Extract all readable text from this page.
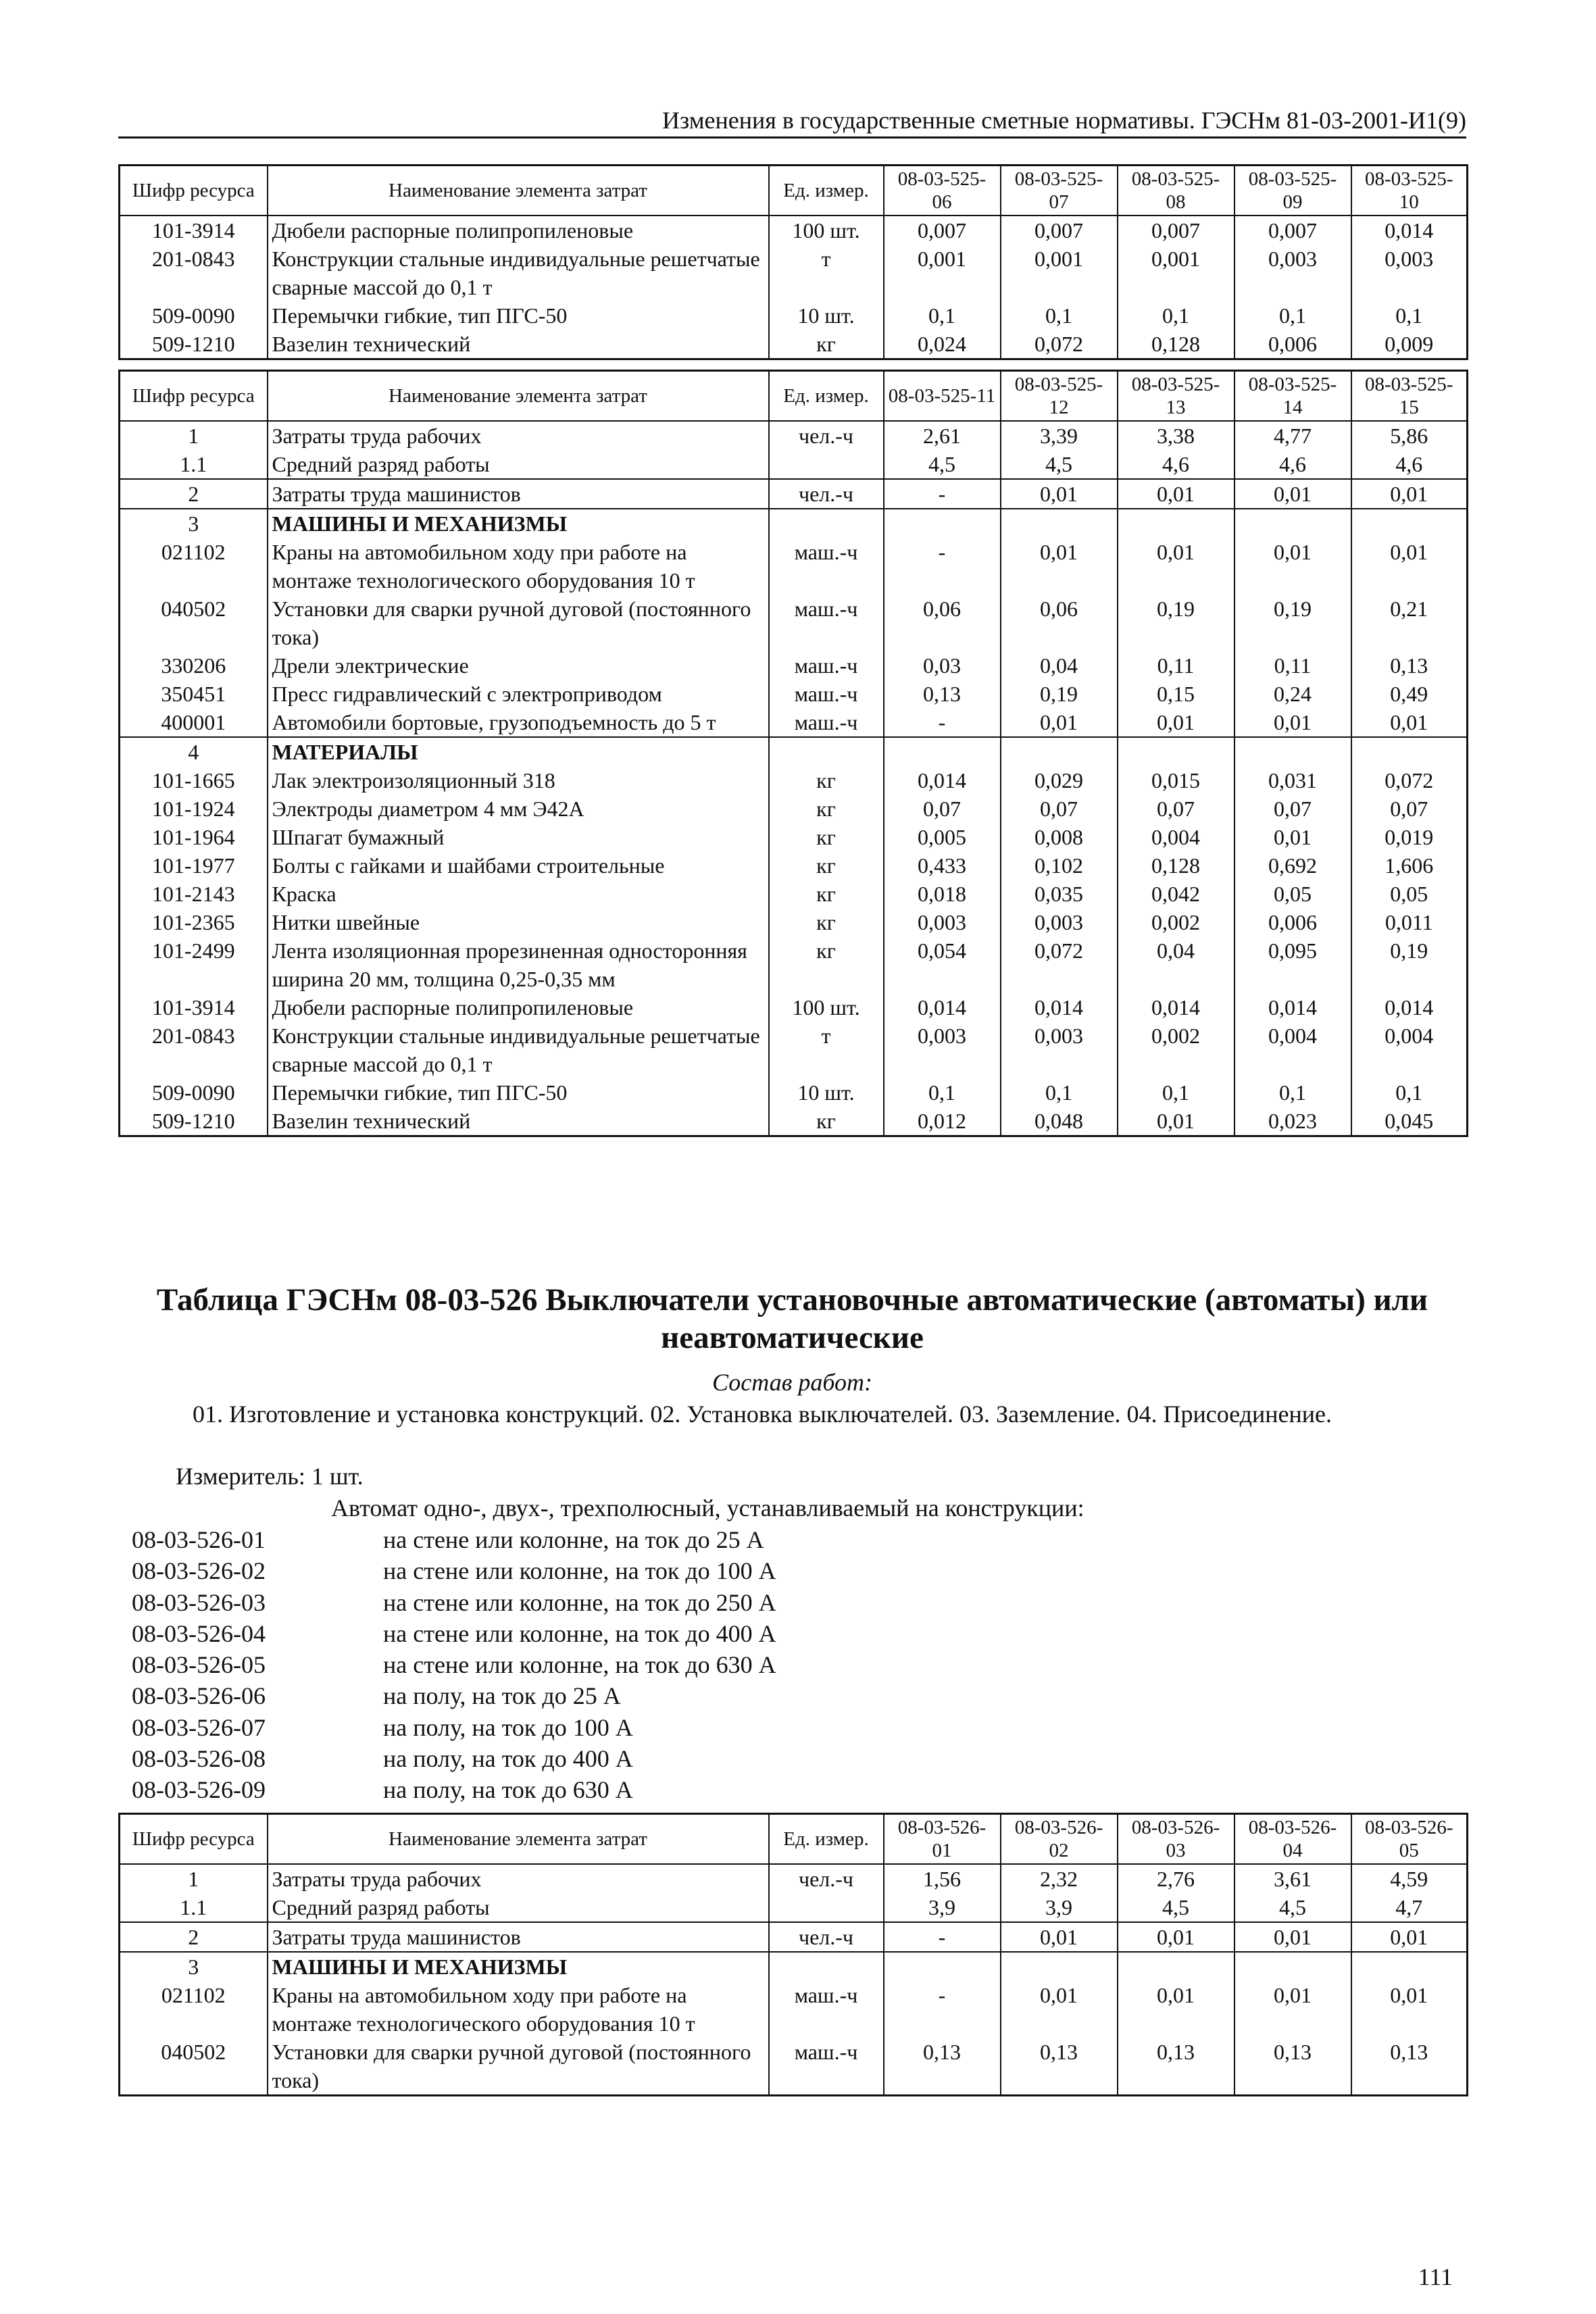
Изменения в государственные сметные нормативы. ГЭСНм 81-03-2001-И1(9)
Шифр ресурса	Наименование элемента затрат	Ед. измер.	08-03-525-06	08-03-525-07	08-03-525-08	08-03-525-09	08-03-525-10
101-3914	Дюбели распорные полипропиленовые	100 шт.	0,007	0,007	0,007	0,007	0,014
201-0843	Конструкции стальные индивидуальные решетчатые сварные массой до 0,1 т	т	0,001	0,001	0,001	0,003	0,003
509-0090	Перемычки гибкие, тип ПГС-50	10 шт.	0,1	0,1	0,1	0,1	0,1
509-1210	Вазелин технический	кг	0,024	0,072	0,128	0,006	0,009
Шифр ресурса	Наименование элемента затрат	Ед. измер.	08-03-525-11	08-03-525-12	08-03-525-13	08-03-525-14	08-03-525-15
1	Затраты труда рабочих	чел.-ч	2,61	3,39	3,38	4,77	5,86
1.1	Средний разряд работы		4,5	4,5	4,6	4,6	4,6
2	Затраты труда машинистов	чел.-ч	-	0,01	0,01	0,01	0,01
3	МАШИНЫ И МЕХАНИЗМЫ						
021102	Краны на автомобильном ходу при работе на монтаже технологического оборудования 10 т	маш.-ч	-	0,01	0,01	0,01	0,01
040502	Установки для сварки ручной дуговой (постоянного тока)	маш.-ч	0,06	0,06	0,19	0,19	0,21
330206	Дрели электрические	маш.-ч	0,03	0,04	0,11	0,11	0,13
350451	Пресс гидравлический с электроприводом	маш.-ч	0,13	0,19	0,15	0,24	0,49
400001	Автомобили бортовые, грузоподъемность до 5 т	маш.-ч	-	0,01	0,01	0,01	0,01
4	МАТЕРИАЛЫ						
101-1665	Лак электроизоляционный 318	кг	0,014	0,029	0,015	0,031	0,072
101-1924	Электроды диаметром 4 мм Э42А	кг	0,07	0,07	0,07	0,07	0,07
101-1964	Шпагат бумажный	кг	0,005	0,008	0,004	0,01	0,019
101-1977	Болты с гайками и шайбами строительные	кг	0,433	0,102	0,128	0,692	1,606
101-2143	Краска	кг	0,018	0,035	0,042	0,05	0,05
101-2365	Нитки швейные	кг	0,003	0,003	0,002	0,006	0,011
101-2499	Лента изоляционная прорезиненная односторонняя ширина 20 мм, толщина 0,25-0,35 мм	кг	0,054	0,072	0,04	0,095	0,19
101-3914	Дюбели распорные полипропиленовые	100 шт.	0,014	0,014	0,014	0,014	0,014
201-0843	Конструкции стальные индивидуальные решетчатые сварные массой до 0,1 т	т	0,003	0,003	0,002	0,004	0,004
509-0090	Перемычки гибкие, тип ПГС-50	10 шт.	0,1	0,1	0,1	0,1	0,1
509-1210	Вазелин технический	кг	0,012	0,048	0,01	0,023	0,045
Таблица ГЭСНм 08-03-526 Выключатели установочные автоматические (автоматы) или неавтоматические
Состав работ:
01. Изготовление и установка конструкций. 02. Установка выключателей. 03. Заземление. 04. Присоединение.
Измеритель: 1 шт.
Автомат одно-, двух-, трехполюсный, устанавливаемый на конструкции:
08-03-526-01	на стене или колонне, на ток до 25 А
08-03-526-02	на стене или колонне, на ток до 100 А
08-03-526-03	на стене или колонне, на ток до 250 А
08-03-526-04	на стене или колонне, на ток до 400 А
08-03-526-05	на стене или колонне, на ток до 630 А
08-03-526-06	на полу, на ток до 25 А
08-03-526-07	на полу, на ток до 100 А
08-03-526-08	на полу, на ток до 400 А
08-03-526-09	на полу, на ток до 630 А
Шифр ресурса	Наименование элемента затрат	Ед. измер.	08-03-526-01	08-03-526-02	08-03-526-03	08-03-526-04	08-03-526-05
1	Затраты труда рабочих	чел.-ч	1,56	2,32	2,76	3,61	4,59
1.1	Средний разряд работы		3,9	3,9	4,5	4,5	4,7
2	Затраты труда машинистов	чел.-ч	-	0,01	0,01	0,01	0,01
3	МАШИНЫ И МЕХАНИЗМЫ						
021102	Краны на автомобильном ходу при работе на монтаже технологического оборудования 10 т	маш.-ч	-	0,01	0,01	0,01	0,01
040502	Установки для сварки ручной дуговой (постоянного тока)	маш.-ч	0,13	0,13	0,13	0,13	0,13
111
